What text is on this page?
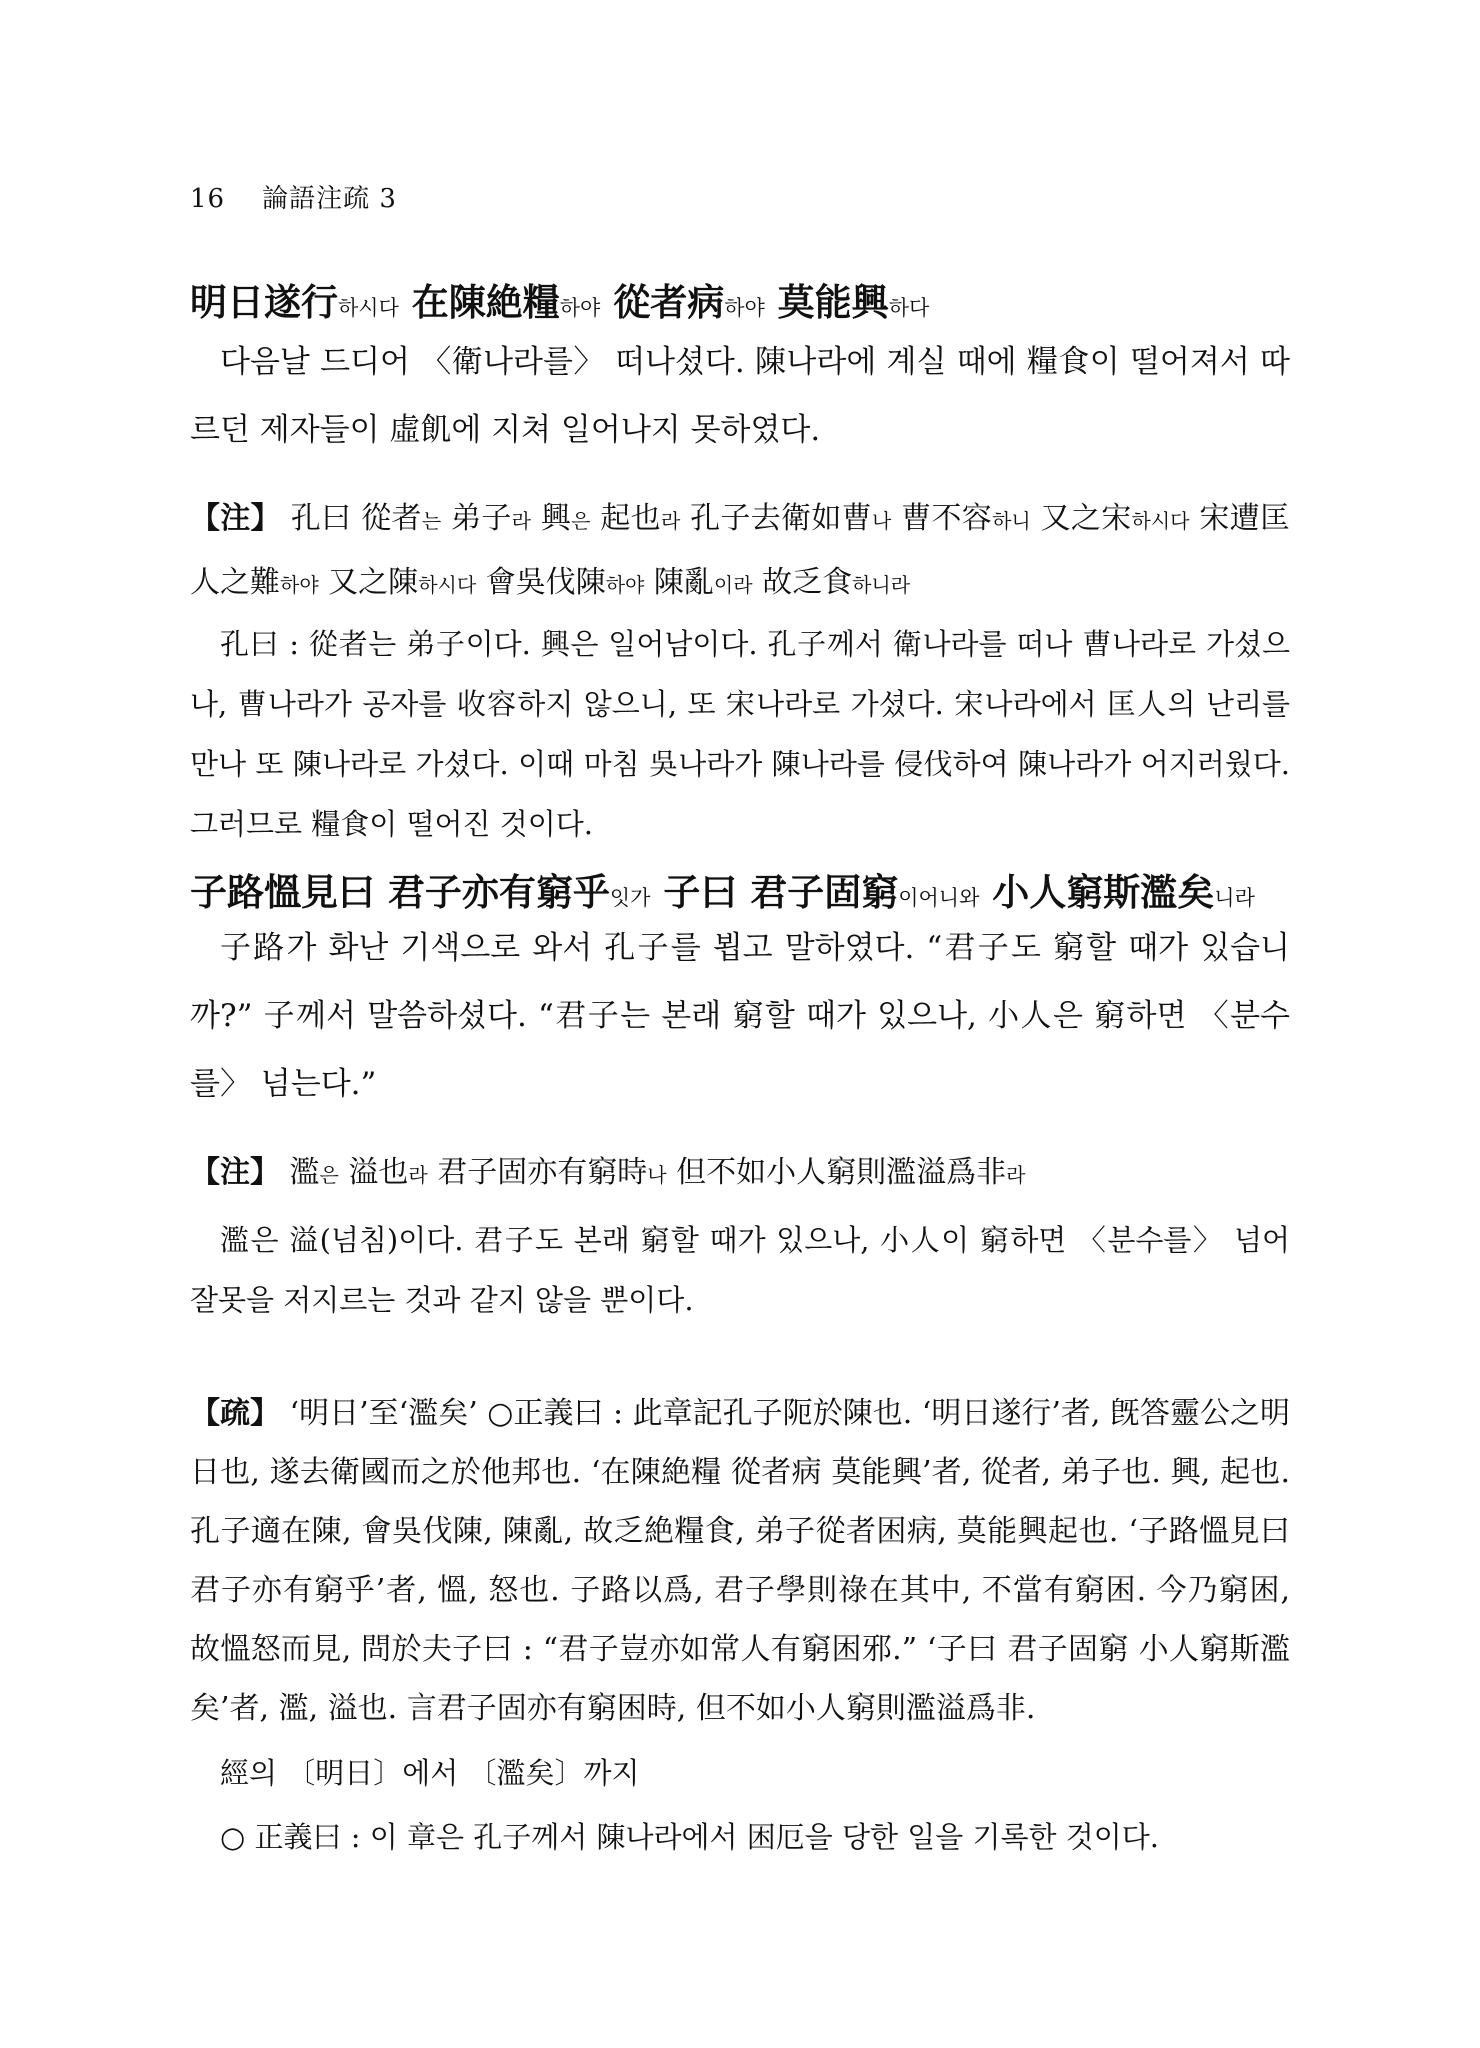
16 論語注疏 3
明日遂行하시다 在陳絶糧하야 從者病하야 莫能興하다
다음날 드디어 〈衛나라를〉 떠나셨다. 陳나라에 계실 때에 糧食이 떨어져서 따르던 제자들이 虛飢에 지쳐 일어나지 못하였다.
【注】 孔曰 從者는 弟子라 興은 起也라 孔子去衛如曹나 曹不容하니 又之宋하시다 宋遭匡人之難하야 又之陳하시다 會吳伐陳하야 陳亂이라 故乏食하니라
孔曰 : 從者는 弟子이다. 興은 일어남이다. 孔子께서 衛나라를 떠나 曹나라로 가셨으나, 曹나라가 공자를 收容하지 않으니, 또 宋나라로 가셨다. 宋나라에서 匡人의 난리를 만나 또 陳나라로 가셨다. 이때 마침 吳나라가 陳나라를 侵伐하여 陳나라가 어지러웠다. 그러므로 糧食이 떨어진 것이다.
子路慍見曰 君子亦有窮乎잇가 子曰 君子固窮이어니와 小人窮斯濫矣니라
子路가 화난 기색으로 와서 孔子를 뵙고 말하였다. “君子도 窮할 때가 있습니까?” 子께서 말씀하셨다. “君子는 본래 窮할 때가 있으나, 小人은 窮하면 〈분수를〉 넘는다.”
【注】 濫은 溢也라 君子固亦有窮時나 但不如小人窮則濫溢爲非라
濫은 溢(넘침)이다. 君子도 본래 窮할 때가 있으나, 小人이 窮하면 〈분수를〉 넘어 잘못을 저지르는 것과 같지 않을 뿐이다.
【疏】 ‘明日’至‘濫矣’ ○正義曰 : 此章記孔子阨於陳也. ‘明日遂行’者, 旣答靈公之明日也, 遂去衛國而之於他邦也. ‘在陳絶糧 從者病 莫能興’者, 從者, 弟子也. 興, 起也. 孔子適在陳, 會吳伐陳, 陳亂, 故乏絶糧食, 弟子從者困病, 莫能興起也. ‘子路慍見曰 君子亦有窮乎’者, 慍, 怒也. 子路以爲, 君子學則祿在其中, 不當有窮困. 今乃窮困, 故慍怒而見, 問於夫子曰 : “君子豈亦如常人有窮困邪.” ‘子曰 君子固窮 小人窮斯濫矣’者, 濫, 溢也. 言君子固亦有窮困時, 但不如小人窮則濫溢爲非.
經의 〔明日〕에서 〔濫矣〕까지
○ 正義曰 : 이 章은 孔子께서 陳나라에서 困厄을 당한 일을 기록한 것이다.
